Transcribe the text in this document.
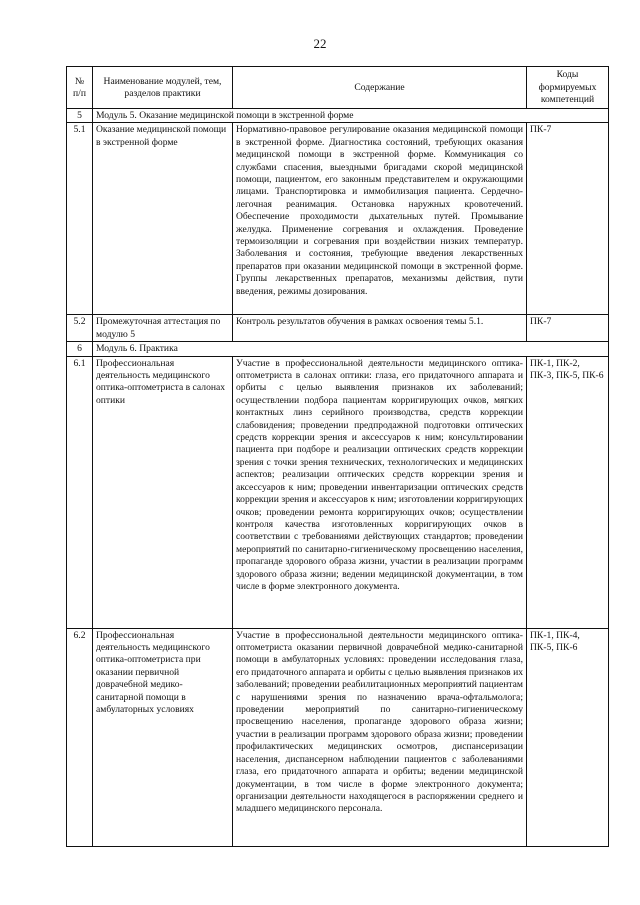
22
№ п/п	Наименование модулей, тем, разделов практики	Содержание	Коды формируемых компетенций
5	Модуль 5. Оказание медицинской помощи в экстренной форме		
5.1	Оказание медицинской помощи в экстренной форме	Нормативно-правовое регулирование оказания медицинской помощи в экстренной форме. Диагностика состояний, требующих оказания медицинской помощи в экстренной форме. Коммуникация со службами спасения, выездными бригадами скорой медицинской помощи, пациентом, его законным представителем и окружающими лицами. Транспортировка и иммобилизация пациента. Сердечно-легочная реанимация. Остановка наружных кровотечений. Обеспечение проходимости дыхательных путей. Промывание желудка. Применение согревания и охлаждения. Проведение термоизоляции и согревания при воздействии низких температур. Заболевания и состояния, требующие введения лекарственных препаратов при оказании медицинской помощи в экстренной форме. Группы лекарственных препаратов, механизмы действия, пути введения, режимы дозирования.	ПК-7
5.2	Промежуточная аттестация по модулю 5	Контроль результатов обучения в рамках освоения темы 5.1.	ПК-7
6	Модуль 6. Практика		
6.1	Профессиональная деятельность медицинского оптика-оптометриста в салонах оптики	Участие в профессиональной деятельности медицинского оптика-оптометриста в салонах оптики: глаза, его придаточного аппарата и орбиты с целью выявления признаков их заболеваний; осуществлении подбора пациентам корригирующих очков, мягких контактных линз серийного производства, средств коррекции слабовидения; проведении предпродажной подготовки оптических средств коррекции зрения и аксессуаров к ним; консультировании пациента при подборе и реализации оптических средств коррекции зрения с точки зрения технических, технологических и медицинских аспектов; реализации оптических средств коррекции зрения и аксессуаров к ним; проведении инвентаризации оптических средств коррекции зрения и аксессуаров к ним; изготовлении корригирующих очков; проведении ремонта корригирующих очков; осуществлении контроля качества изготовленных корригирующих очков в соответствии с требованиями действующих стандартов; проведении мероприятий по санитарно-гигиеническому просвещению населения, пропаганде здорового образа жизни, участии в реализации программ здорового образа жизни; ведении медицинской документации, в том числе в форме электронного документа.	ПК-1, ПК-2, ПК-3, ПК-5, ПК-6
6.2	Профессиональная деятельность медицинского оптика-оптометриста при оказании первичной доврачебной медико-санитарной помощи в амбулаторных условиях	Участие в профессиональной деятельности медицинского оптика-оптометриста оказании первичной доврачебной медико-санитарной помощи в амбулаторных условиях: проведении исследования глаза, его придаточного аппарата и орбиты с целью выявления признаков их заболеваний; проведении реабилитационных мероприятий пациентам с нарушениями зрения по назначению врача-офтальмолога; проведении мероприятий по санитарно-гигиеническому просвещению населения, пропаганде здорового образа жизни; участии в реализации программ здорового образа жизни; проведении профилактических медицинских осмотров, диспансеризации населения, диспансерном наблюдении пациентов с заболеваниями глаза, его придаточного аппарата и орбиты; ведении медицинской документации, в том числе в форме электронного документа; организации деятельности находящегося в распоряжении среднего и младшего медицинского персонала.	ПК-1, ПК-4, ПК-5, ПК-6
